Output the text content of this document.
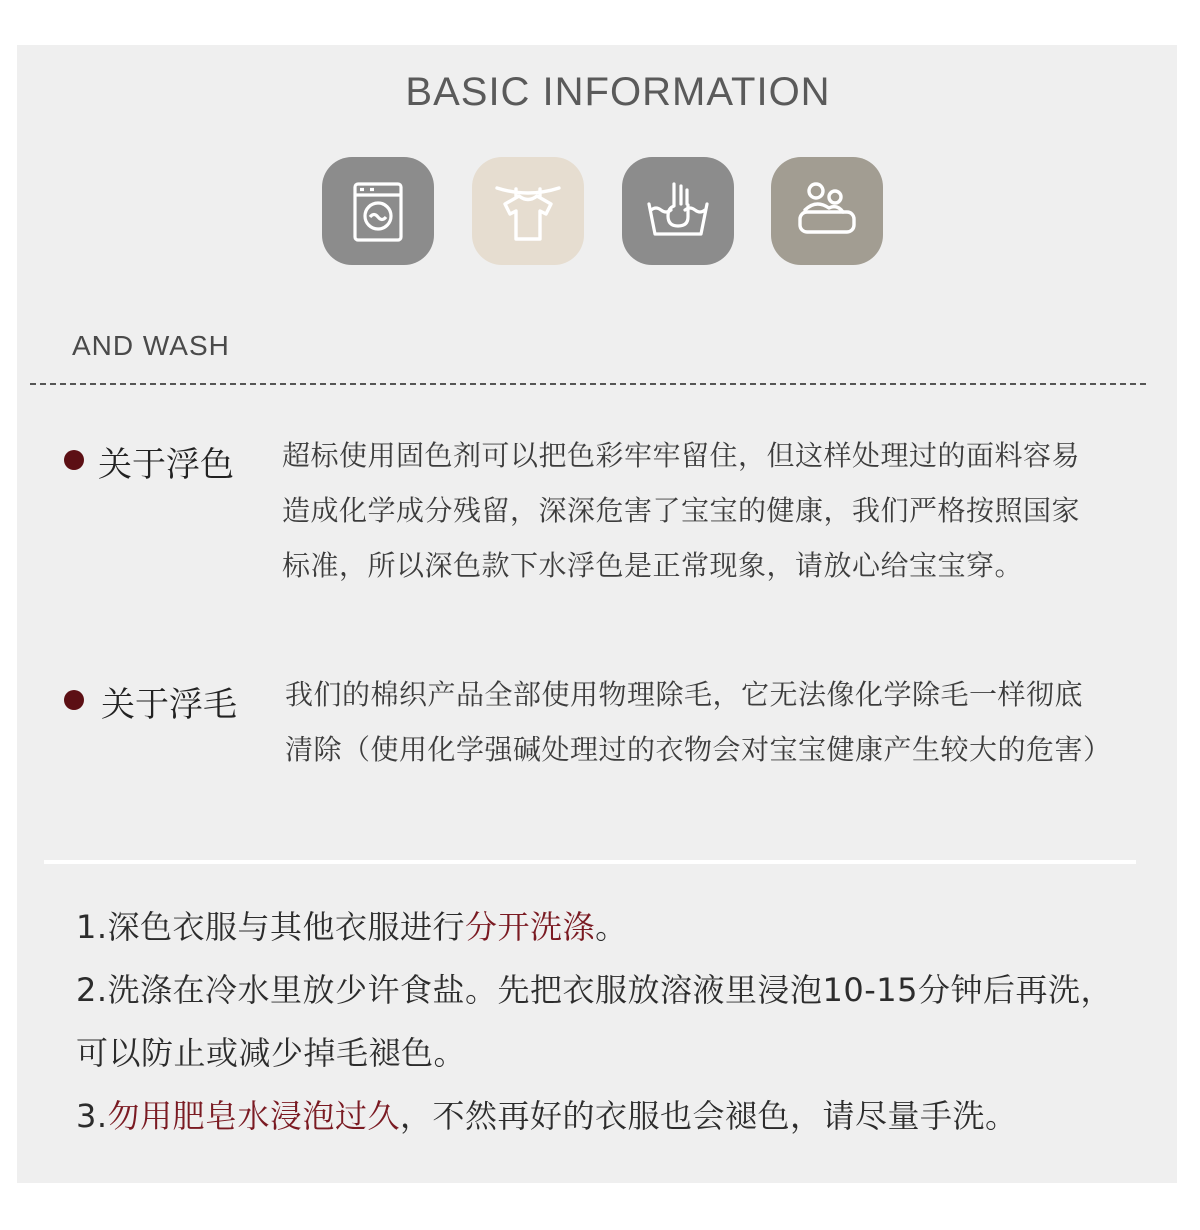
BASIC INFORMATION
AND WASH
关于浮色 超标使用固色剂可以把色彩牢牢留住，但这样处理过的面料容易造成化学成分残留，深深危害了宝宝的健康，我们严格按照国家标准，所以深色款下水浮色是正常现象，请放心给宝宝穿。
关于浮毛 我们的棉织产品全部使用物理除毛，它无法像化学除毛一样彻底清除（使用化学强碱处理过的衣物会对宝宝健康产生较大的危害）
1.深色衣服与其他衣服进行分开洗涤。
2.洗涤在冷水里放少许食盐。先把衣服放溶液里浸泡10-15分钟后再洗，可以防止或减少掉毛褪色。
3.勿用肥皂水浸泡过久，不然再好的衣服也会褪色，请尽量手洗。
